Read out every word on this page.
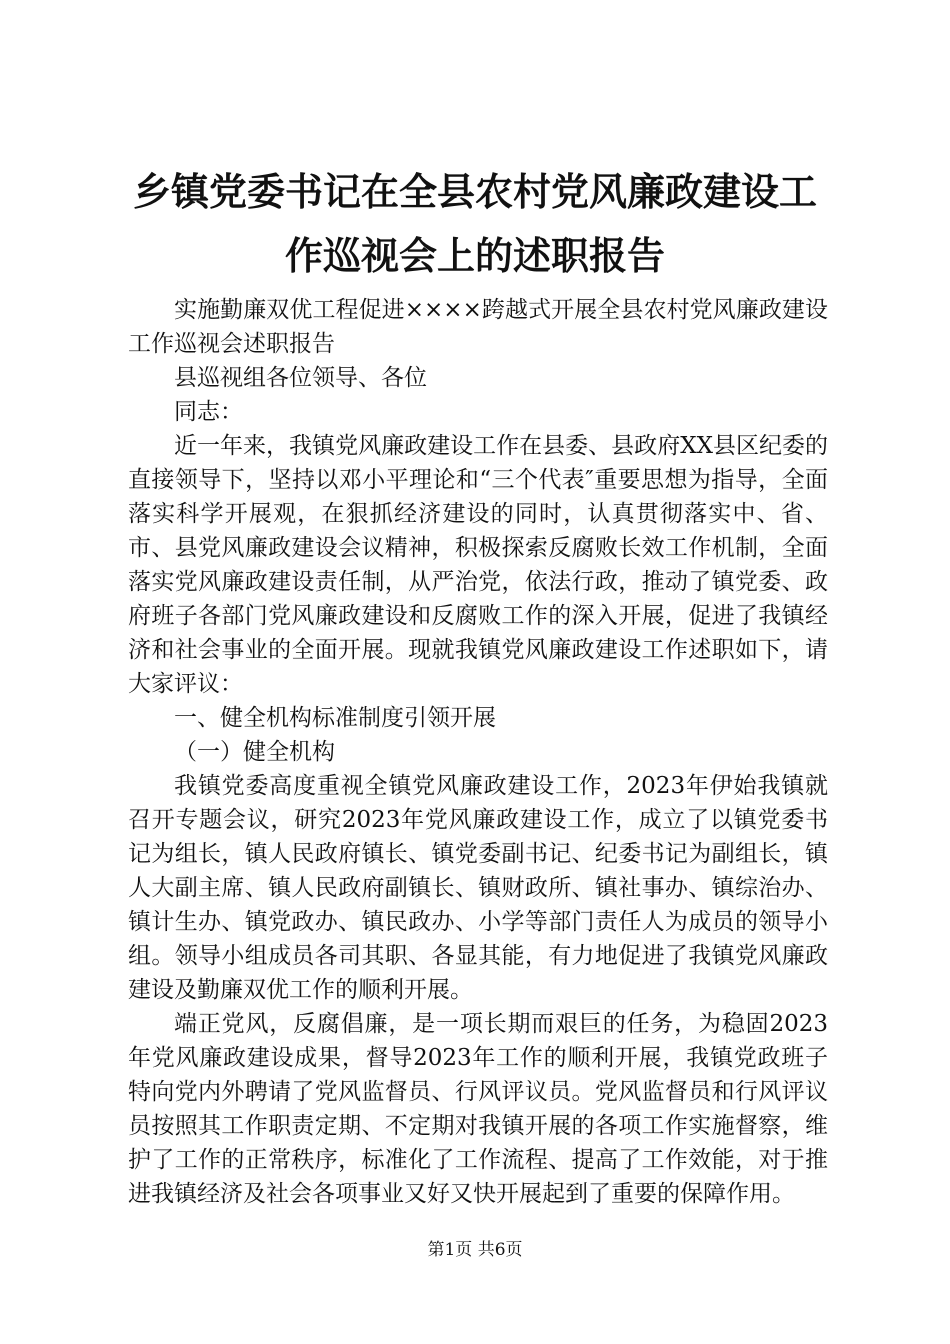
乡镇党委书记在全县农村党风廉政建设工作巡视会上的述职报告

实施勤廉双优工程促进××××跨越式开展全县农村党风廉政建设工作巡视会述职报告

县巡视组各位领导、各位

同志：

近一年来，我镇党风廉政建设工作在县委、县政府XX县区纪委的直接领导下，坚持以邓小平理论和“三个代表″重要思想为指导，全面落实科学开展观，在狠抓经济建设的同时，认真贯彻落实中、省、市、县党风廉政建设会议精神，积极探索反腐败长效工作机制，全面落实党风廉政建设责任制，从严治党，依法行政，推动了镇党委、政府班子各部门党风廉政建设和反腐败工作的深入开展，促进了我镇经济和社会事业的全面开展。现就我镇党风廉政建设工作述职如下，请大家评议：

一、健全机构标准制度引领开展

（一）健全机构

我镇党委高度重视全镇党风廉政建设工作，2023年伊始我镇就召开专题会议，研究2023年党风廉政建设工作，成立了以镇党委书记为组长，镇人民政府镇长、镇党委副书记、纪委书记为副组长，镇人大副主席、镇人民政府副镇长、镇财政所、镇社事办、镇综治办、镇计生办、镇党政办、镇民政办、小学等部门责任人为成员的领导小组。领导小组成员各司其职、各显其能，有力地促进了我镇党风廉政建设及勤廉双优工作的顺利开展。

端正党风，反腐倡廉，是一项长期而艰巨的任务，为稳固2023年党风廉政建设成果，督导2023年工作的顺利开展，我镇党政班子特向党内外聘请了党风监督员、行风评议员。党风监督员和行风评议员按照其工作职责定期、不定期对我镇开展的各项工作实施督察，维护了工作的正常秩序，标准化了工作流程、提高了工作效能，对于推进我镇经济及社会各项事业又好又快开展起到了重要的保障作用。

第1页 共6页
